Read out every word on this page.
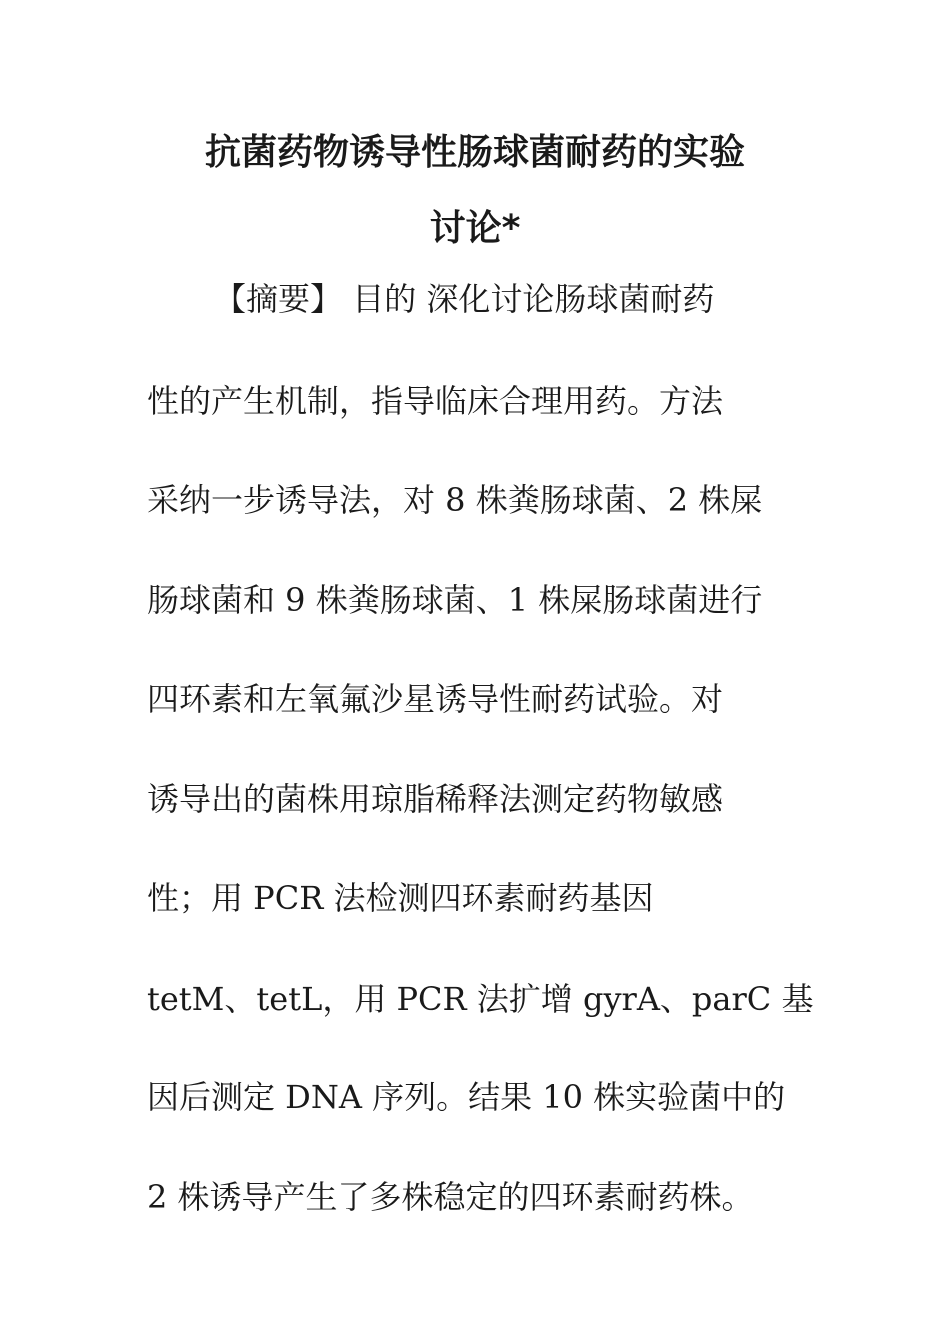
抗菌药物诱导性肠球菌耐药的实验
讨论*
【摘要】 目的 深化讨论肠球菌耐药
性的产生机制，指导临床合理用药。方法
采纳一步诱导法，对 8 株粪肠球菌、2 株屎
肠球菌和 9 株粪肠球菌、1 株屎肠球菌进行
四环素和左氧氟沙星诱导性耐药试验。对
诱导出的菌株用琼脂稀释法测定药物敏感
性；用 PCR 法检测四环素耐药基因
tetM、tetL，用 PCR 法扩增 gyrA、parC 基
因后测定 DNA 序列。结果 10 株实验菌中的
2 株诱导产生了多株稳定的四环素耐药株。
